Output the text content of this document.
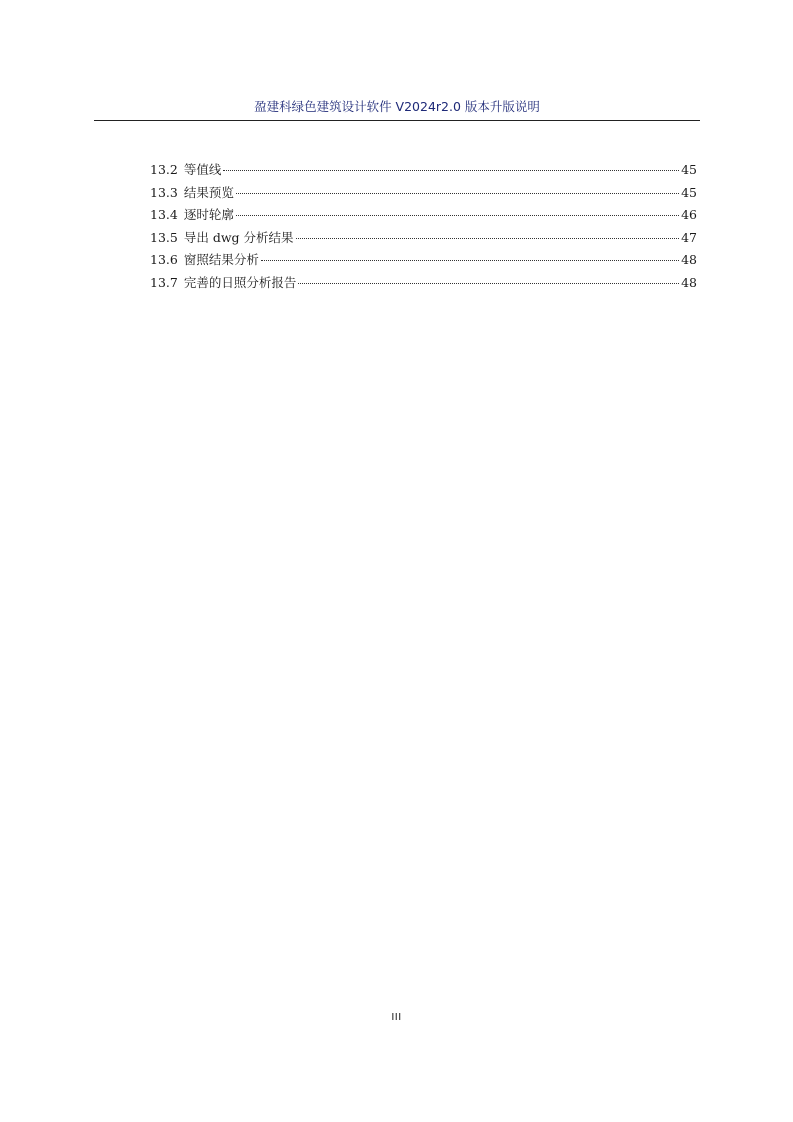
盈建科绿色建筑设计软件 V2024r2.0 版本升版说明
13.2 等值线	45
13.3 结果预览	45
13.4 逐时轮廓	46
13.5 导出 dwg 分析结果	47
13.6 窗照结果分析	48
13.7 完善的日照分析报告	48
III
